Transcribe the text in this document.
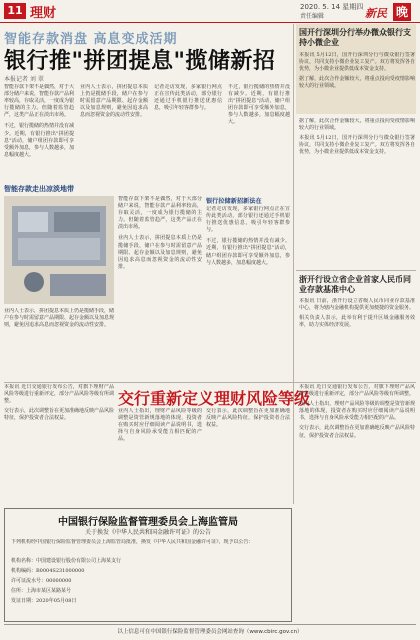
11 理财	2020. 5. 14 星期四
责任编辑	新民 晚
智能存款消盘 高息变成活期
银行推"拼团提息"揽储新招
本报记者 刘 翠

智能存款下架不是偶然，对于大部分储户来说，智能存款产品利率较高，存取灵活，一度成为银行揽储的主力。但随着监管趋严，这类产品正在淡出市场。

不过，银行揽储的热情并没有减少。近期，有银行推出"拼团提息"活动，储户组团存款即可享受额外加息，参与人数越多，加息幅度越大。

智能存款走出凉淡地带

业内人士表示，拼团提息本质上仍是揽储手段，储户在参与时需留意产品期限、起存金额以及加息规则，避免因追求高息而忽视资金的流动性安排。

记者走访发现，多家银行网点正在宣传此类活动，部分银行还通过手机银行推送优惠信息，吸引年轻客群参与。

不过，银行揽储的热情并没有减少。近期，有银行推出"拼团提息"活动，储户组团存款即可享受额外加息，参与人数越多，加息幅度越大。

智能存款下架不是偶然，对于大部分储户来说，智能存款产品利率较高，存取灵活，一度成为银行揽储的主力。但随着监管趋严，这类产品正在淡出市场。

业内人士表示，拼团提息本质上仍是揽储手段，储户在参与时需留意产品期限、起存金额以及加息规则，避免因追求高息而忽视资金的流动性安排。

银行拉储新招新法在

记者走访发现，多家银行网点正在宣传此类活动，部分银行还通过手机银行推送优惠信息，吸引年轻客群参与。

不过，银行揽储的热情并没有减少。近期，有银行推出"拼团提息"活动，储户组团存款即可享受额外加息，参与人数越多，加息幅度越大。

业内人士表示，拼团提息本质上仍是揽储手段，储户在参与时需留意产品期限、起存金额以及加息规则，避免因追求高息而忽视资金的流动性安排。

国开行深圳分行举办微众银行支持小微企业

本报讯 5月12日，国开行深圳分行与微众银行签署协议，共同支持小微企业复工复产。双方将发挥各自优势，为小微企业提供低成本资金支持。

据了解，此次合作金额较大，将重点投向受疫情影响较大的行业领域。

据了解，此次合作金额较大，将重点投向受疫情影响较大的行业领域。

本报讯 5月12日，国开行深圳分行与微众银行签署协议，共同支持小微企业复工复产。双方将发挥各自优势，为小微企业提供低成本资金支持。

浙开行设立省企业首家人民币同业存款基准中心

本报讯 日前，浙开行设立省级人民币同业存款基准中心，将为辖内金融机构提供更加便捷的资金服务。

相关负责人表示，此举有利于提升区域金融服务效率，助力实体经济发展。

交行重新定义理财风险等级

本报讯 近日交通银行发布公告，对旗下理财产品风险等级进行重新评定，部分产品风险等级有所调整。

交行表示，此次调整旨在更加准确地反映产品风险特征，保护投资者合法权益。

业内人士指出，理财产品风险等级的调整是资管新规落地的体现，投资者在购买时应仔细阅读产品说明书，选择与自身风险承受能力相匹配的产品。

交行表示，此次调整旨在更加准确地反映产品风险特征，保护投资者合法权益。

本报讯 近日交通银行发布公告，对旗下理财产品风险等级进行重新评定，部分产品风险等级有所调整。

业内人士指出，理财产品风险等级的调整是资管新规落地的体现，投资者在购买时应仔细阅读产品说明书，选择与自身风险承受能力相匹配的产品。

交行表示，此次调整旨在更加准确地反映产品风险特征，保护投资者合法权益。

中国银行保险监督管理委员会上海监管局
关于换发《中华人民共和国金融许可证》的公告
下列机构经中国银行保险监督管理委员会上海监管局批准，换发《中华人民共和国金融许可证》，现予以公告：
机构名称：中国建设银行股份有限公司上海某支行
机构编码：B0004S231000000
许可证流水号：00000000
住所：上海市某区某路某号
发证日期：2020年05月08日
以上信息可在中国银行保险监督管理委员会网站查询（www.cbirc.gov.cn）
